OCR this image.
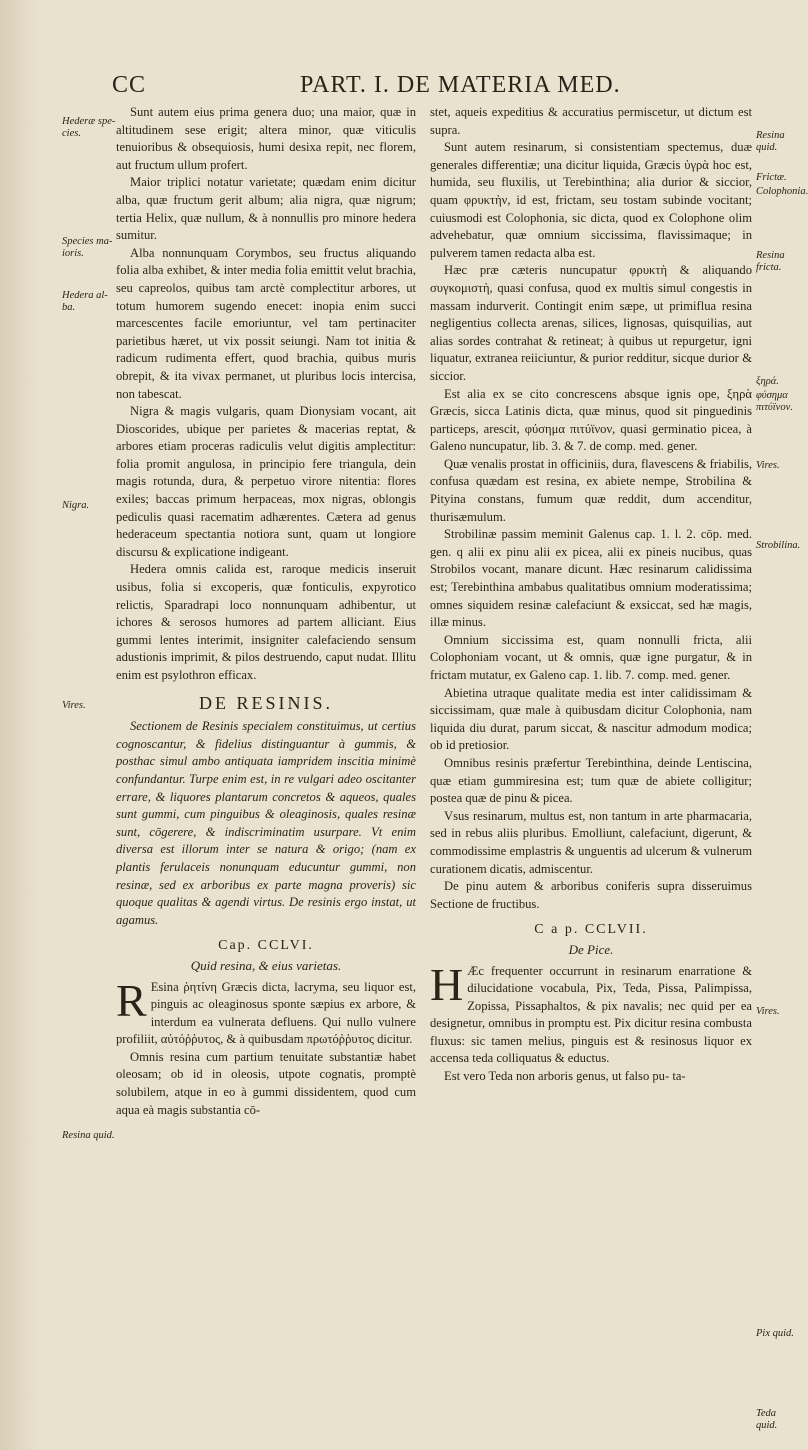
CC	PART. I. DE MATERIA MED.
Hederæ spe-cies.
Species ma-ioris.
Hedera al-ba.
Nigra.
Vires.
Resina quid.
Resina quid.
Frictæ.
Colophonia.
Resina fricta.
ξηρά.
φύσημα πιτύϊνον.
Vires.
Strobilina.
Vires.
Pix quid.
Teda quid.

Sunt autem eius prima genera duo; una maior, quæ in altitudinem sese erigit; altera minor, quæ viticulis tenuioribus & obsequiosis, humi desixa repit, nec florem, aut fructum ullum profert.

Maior triplici notatur varietate; quædam enim dicitur alba, quæ fructum gerit album; alia nigra, quæ nigrum; tertia Helix, quæ nullum, & à nonnullis pro minore hedera sumitur.

Alba nonnunquam Corymbos, seu fructus aliquando folia alba exhibet, & inter media folia emittit velut brachia, seu capreolos, quibus tam arctè complectitur arbores, ut totum humorem sugendo enecet: inopia enim succi marcescentes facile emoriuntur, vel tam pertinaciter parietibus hæret, ut vix possit seiungi. Nam tot initia & radicum rudimenta effert, quod brachia, quibus muris obrepit, & ita vivax permanet, ut pluribus locis intercisa, non tabescat.

Nigra & magis vulgaris, quam Dionysiam vocant, ait Dioscorides, ubique per parietes & macerias reptat, & arbores etiam proceras radiculis velut digitis amplectitur: folia promit angulosa, in principio fere triangula, dein magis rotunda, dura, & perpetuo virore nitentia: flores exiles; baccas primum herpaceas, mox nigras, oblongis pediculis quasi racematim adhærentes. Cætera ad genus hederaceum spectantia notiora sunt, quam ut longiore discursu & explicatione indigeant.

Hedera omnis calida est, raroque medicis inseruit usibus, folia si excoperis, quæ fonticulis, expyrotico relictis, Sparadrapi loco nonnunquam adhibentur, ut ichores & serosos humores ad partem alliciant. Eius gummi lentes interimit, insigniter calefaciendo sensum adustionis imprimit, & pilos destruendo, caput nudat. Illitu enim est psylothron efficax.

DE RESINIS.

Sectionem de Resinis specialem constituimus, ut certius cognoscantur, & fidelius distinguantur à gummis, & posthac simul ambo antiquata iampridem inscitia minimè confundantur. Turpe enim est, in re vulgari adeo oscitanter errare, & liquores plantarum concretos & aqueos, quales sunt gummi, cum pinguibus & oleaginosis, quales resinæ sunt, cōgerere, & indiscriminatim usurpare. Vt enim diversa est illorum inter se natura & origo; (nam ex plantis ferulaceis nonunquam educuntur gummi, non resinæ, sed ex arboribus ex parte magna proveris) sic quoque qualitas & agendi virtus. De resinis ergo instat, ut agamus.

Cap. CCLVI.
Quid resina, & eius varietas.

R Esina ῥητίνη Græcis dicta, lacryma, seu liquor est, pinguis ac oleaginosus sponte sæpius ex arbore, & interdum ea vulnerata defluens. Qui nullo vulnere profiliit, αὐτόῤῥυτος, & à quibusdam πρωτόῤῥυτος dicitur.

Omnis resina cum partium tenuitate substantiæ habet oleosam; ob id in oleosis, utpote cognatis, promptè solubilem, atque in eo à gummi dissidentem, quod cum aqua eà magis substantia cō-

stet, aqueis expeditius & accuratius permiscetur, ut dictum est supra.

Sunt autem resinarum, si consistentiam spectemus, duæ generales differentiæ; una dicitur liquida, Græcis ὑγρὰ hoc est, humida, seu fluxilis, ut Terebinthina; alia durior & siccior, quam φρυκτὴν, id est, frictam, seu tostam subinde vocitant; cuiusmodi est Colophonia, sic dicta, quod ex Colophone olim advehebatur, quæ omnium siccissima, flavissimaque; in pulverem tamen redacta alba est.

Hæc præ cæteris nuncupatur φρυκτὴ & aliquando συγκομιστὴ, quasi confusa, quod ex multis simul congestis in massam indurverit. Contingit enim sæpe, ut primiflua resina negligentius collecta arenas, silices, lignosas, quisquilias, aut alias sordes contrahat & retineat; à quibus ut repurgetur, igni liquatur, extranea reiiciuntur, & purior redditur, sicque durior & siccior.

Est alia ex se cito concrescens absque ignis ope, ξηρὰ Græcis, sicca Latinis dicta, quæ minus, quod sit pinguedinis particeps, arescit, φύσημα πιτύϊνον, quasi germinatio picea, à Galeno nuncupatur, lib. 3. & 7. de comp. med. gener.

Quæ venalis prostat in officiniis, dura, flavescens & friabilis, confusa quædam est resina, ex abiete nempe, Strobilina & Pityina constans, fumum quæ reddit, dum accenditur, thurisæmulum.

Strobilinæ passim meminit Galenus cap. 1. l. 2. cōp. med. gen. q alii ex pinu alii ex picea, alii ex pineis nucibus, quas Strobilos vocant, manare dicunt. Hæc resinarum calidissima est; Terebinthina ambabus qualitatibus omnium moderatissima; omnes siquidem resinæ calefaciunt & exsiccat, sed hæ magis, illæ minus.

Omnium siccissima est, quam nonnulli fricta, alii Colophoniam vocant, ut & omnis, quæ igne purgatur, & in frictam mutatur, ex Galeno cap. 1. lib. 7. comp. med. gener.

Abietina utraque qualitate media est inter calidissimam & siccissimam, quæ male à quibusdam dicitur Colophonia, nam liquida diu durat, parum siccat, & nascitur admodum modica; ob id pretiosior.

Omnibus resinis præfertur Terebinthina, deinde Lentiscina, quæ etiam gummiresina est; tum quæ de abiete colligitur; postea quæ de pinu & picea.

Vsus resinarum, multus est, non tantum in arte pharmacaria, sed in rebus aliis pluribus. Emolliunt, calefaciunt, digerunt, & commodissime emplastris & unguentis ad ulcerum & vulnerum curationem dicatis, admiscentur.

De pinu autem & arboribus coniferis supra disseruimus Sectione de fructibus.

C a p. CCLVII.
De Pice.

H Æc frequenter occurrunt in resinarum enarratione & dilucidatione vocabula, Pix, Teda, Pissa, Palimpissa, Zopissa, Pissaphaltos, & pix navalis; nec quid per ea designetur, omnibus in promptu est. Pix dicitur resina combusta fluxus: sic tamen melius, pinguis est & resinosus liquor ex accensa teda colliquatus & eductus.

Est vero Teda non arboris genus, ut falso pu- ta-
